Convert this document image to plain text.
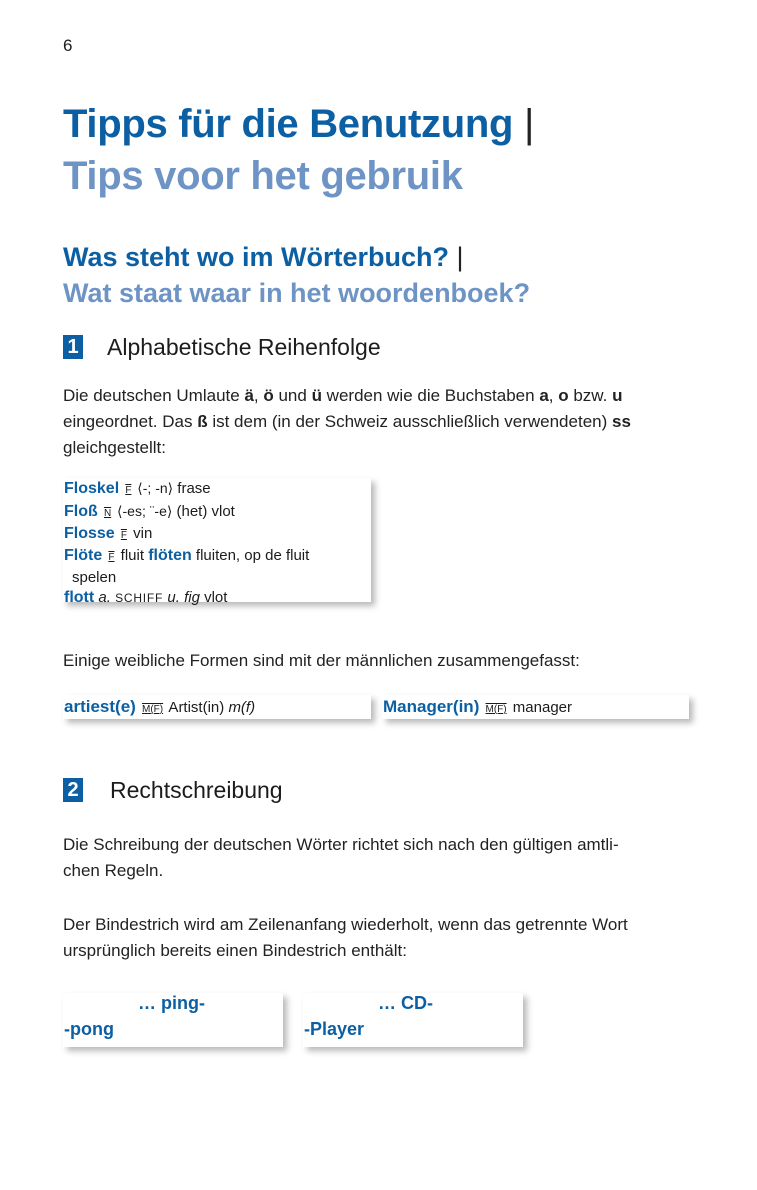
6
Tipps für die Benutzung |
Tips voor het gebruik
Was steht wo im Wörterbuch? |
Wat staat waar in het woordenboek?
1 Alphabetische Reihenfolge
Die deutschen Umlaute ä, ö und ü werden wie die Buchstaben a, o bzw. u eingeordnet. Das ß ist dem (in der Schweiz ausschließlich verwendeten) ss gleichgestellt:
Floskel F ⟨-; -n⟩ frase
Floß N ⟨-es; ¨-e⟩ (het) vlot
Flosse F vin
Flöte F fluit flöten fluiten, op de fluit
spelen
flott a. SCHIFF u. fig vlot
Einige weibliche Formen sind mit der männlichen zusammengefasst:
artiest(e) M(F) Artist(in) m(f)	Manager(in) M(F) manager
2 Rechtschreibung
Die Schreibung der deutschen Wörter richtet sich nach den gültigen amtli-
chen Regeln.
Der Bindestrich wird am Zeilenanfang wiederholt, wenn das getrennte Wort
ursprünglich bereits einen Bindestrich enthält:
… ping-
-pong
… CD-
-Player
